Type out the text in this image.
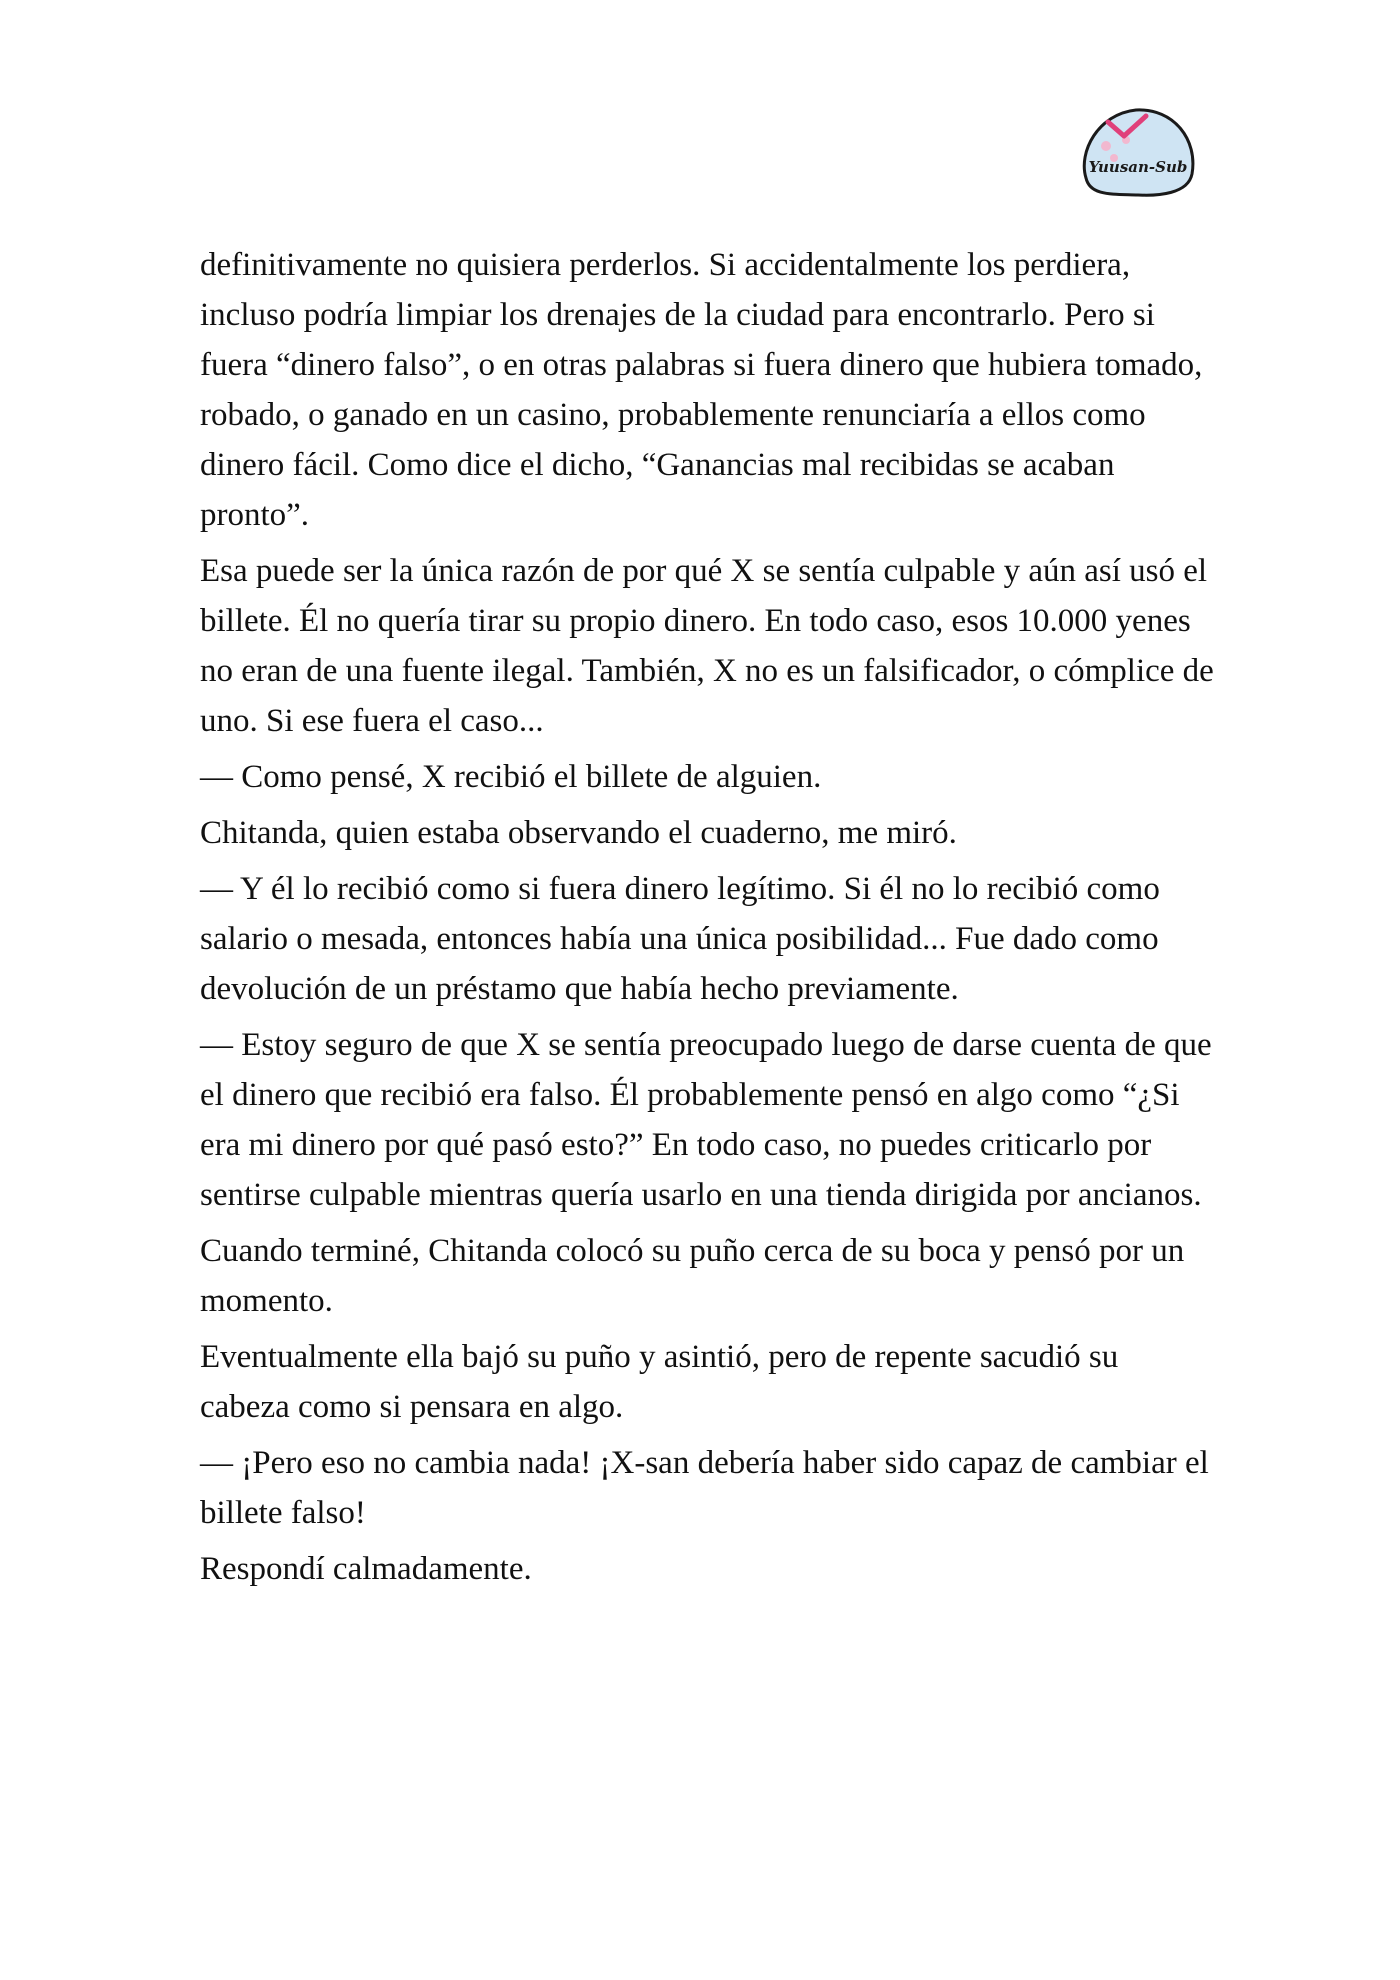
Yuusan-Sub

definitivamente no quisiera perderlos. Si accidentalmente los perdiera, incluso podría limpiar los drenajes de la ciudad para encontrarlo. Pero si fuera “dinero falso”, o en otras palabras si fuera dinero que hubiera tomado, robado, o ganado en un casino, probablemente renunciaría a ellos como dinero fácil. Como dice el dicho, “Ganancias mal recibidas se acaban pronto”.

Esa puede ser la única razón de por qué X se sentía culpable y aún así usó el billete. Él no quería tirar su propio dinero. En todo caso, esos 10.000 yenes no eran de una fuente ilegal. También, X no es un falsificador, o cómplice de uno. Si ese fuera el caso...

— Como pensé, X recibió el billete de alguien.

Chitanda, quien estaba observando el cuaderno, me miró.

— Y él lo recibió como si fuera dinero legítimo. Si él no lo recibió como salario o mesada, entonces había una única posibilidad... Fue dado como devolución de un préstamo que había hecho previamente.

— Estoy seguro de que X se sentía preocupado luego de darse cuenta de que el dinero que recibió era falso. Él probablemente pensó en algo como “¿Si era mi dinero por qué pasó esto?” En todo caso, no puedes criticarlo por sentirse culpable mientras quería usarlo en una tienda dirigida por ancianos.

Cuando terminé, Chitanda colocó su puño cerca de su boca y pensó por un momento.

Eventualmente ella bajó su puño y asintió, pero de repente sacudió su cabeza como si pensara en algo.

— ¡Pero eso no cambia nada! ¡X-san debería haber sido capaz de cambiar el billete falso!

Respondí calmadamente.
